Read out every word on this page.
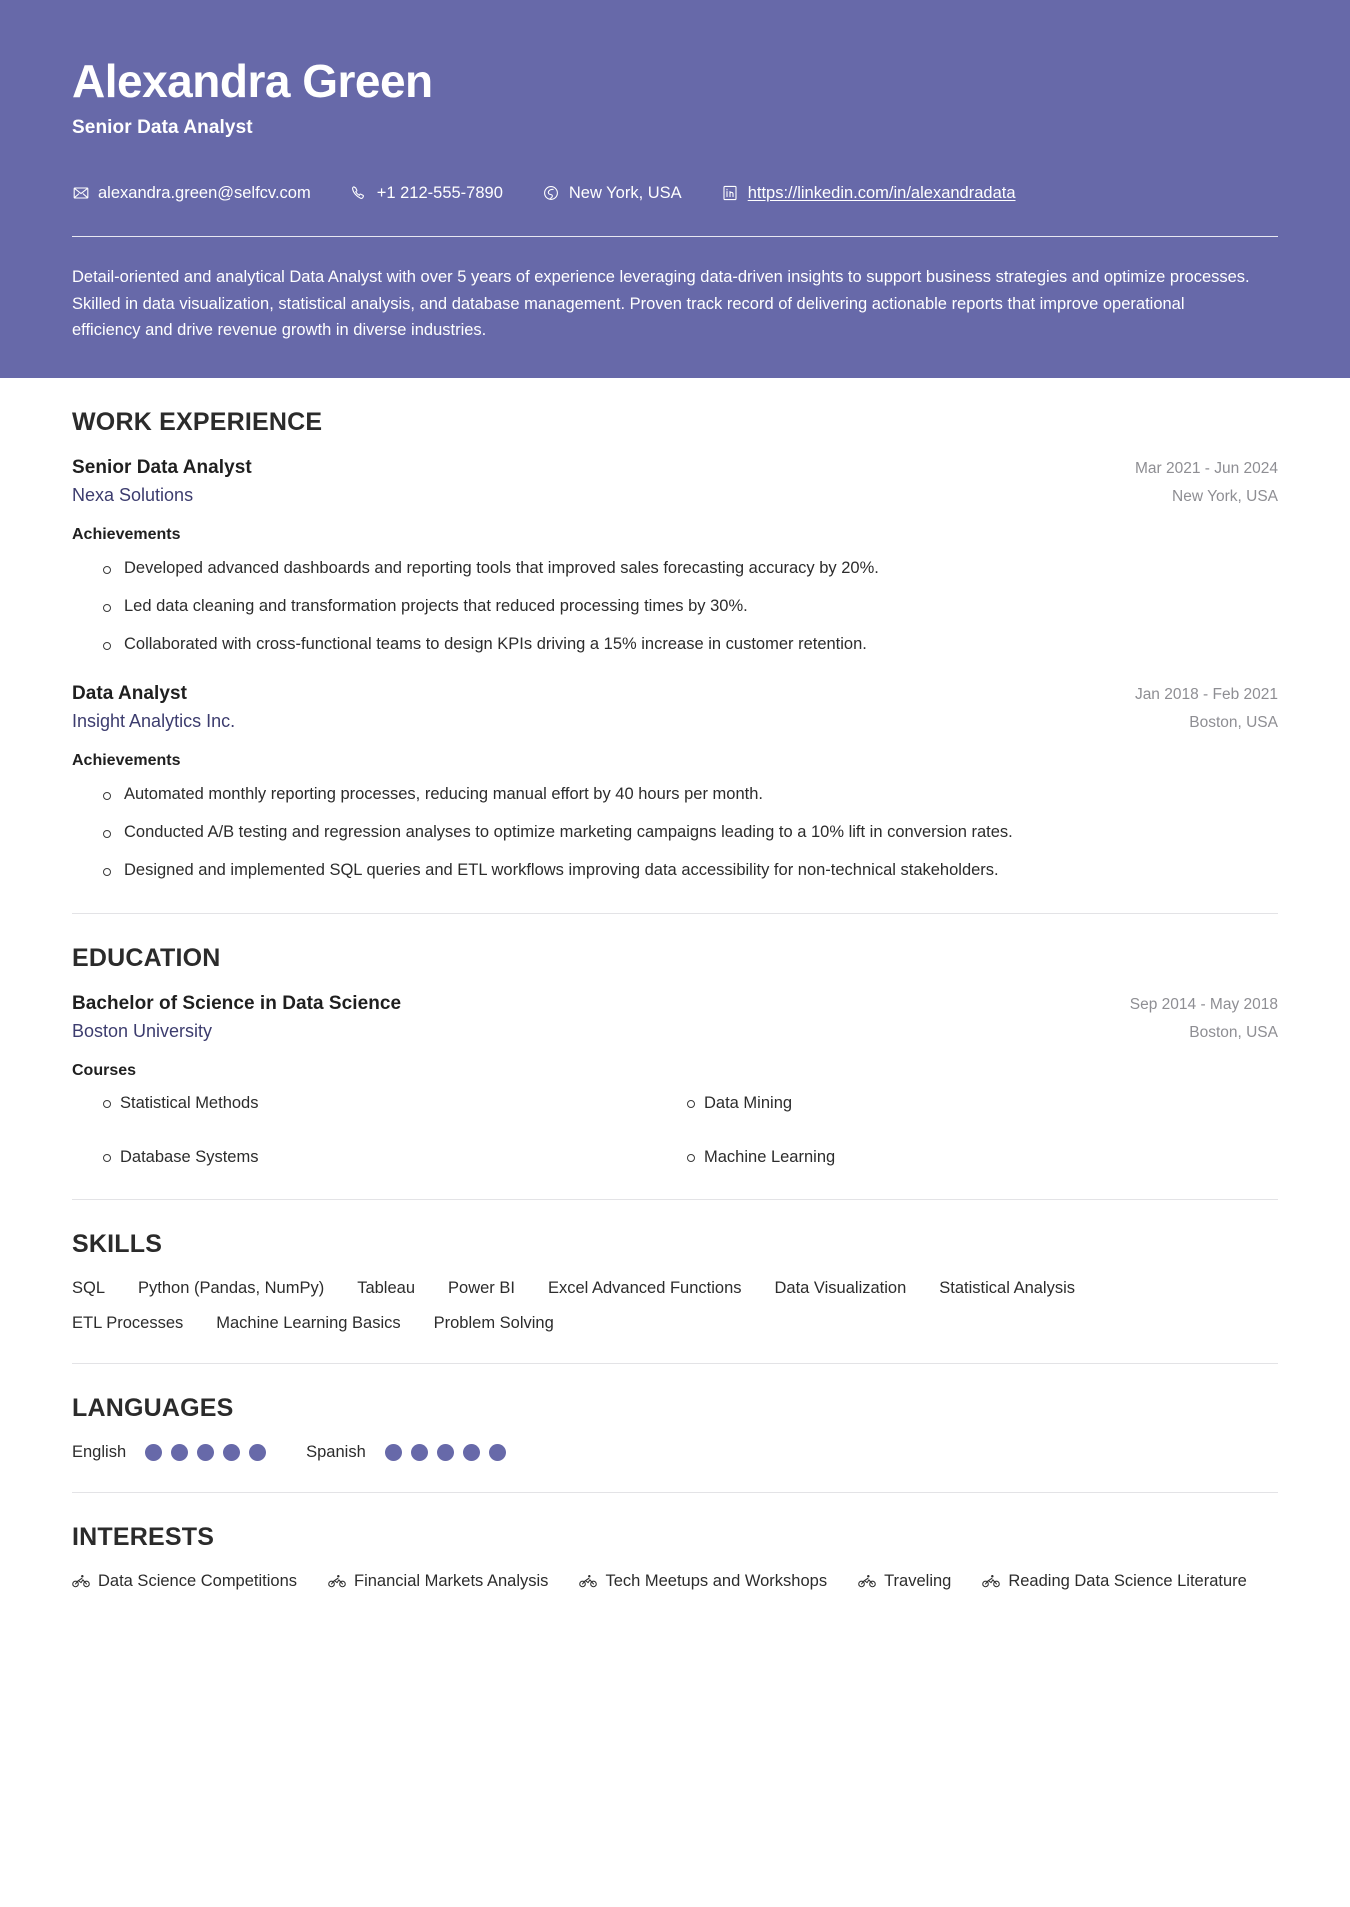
Alexandra Green
Senior Data Analyst
alexandra.green@selfcv.com	+1 212-555-7890	New York, USA	https://linkedin.com/in/alexandradata

Detail-oriented and analytical Data Analyst with over 5 years of experience leveraging data-driven insights to support business strategies and optimize processes. Skilled in data visualization, statistical analysis, and database management. Proven track record of delivering actionable reports that improve operational efficiency and drive revenue growth in diverse industries.

WORK EXPERIENCE
Senior Data Analyst	Mar 2021 - Jun 2024
Nexa Solutions	New York, USA
Achievements
Developed advanced dashboards and reporting tools that improved sales forecasting accuracy by 20%.
Led data cleaning and transformation projects that reduced processing times by 30%.
Collaborated with cross-functional teams to design KPIs driving a 15% increase in customer retention.
Data Analyst	Jan 2018 - Feb 2021
Insight Analytics Inc.	Boston, USA
Achievements
Automated monthly reporting processes, reducing manual effort by 40 hours per month.
Conducted A/B testing and regression analyses to optimize marketing campaigns leading to a 10% lift in conversion rates.
Designed and implemented SQL queries and ETL workflows improving data accessibility for non-technical stakeholders.
EDUCATION
Bachelor of Science in Data Science	Sep 2014 - May 2018
Boston University	Boston, USA
Courses
Statistical Methods	Data Mining
Database Systems	Machine Learning
SKILLS
SQL Python (Pandas, NumPy) Tableau Power BI Excel Advanced Functions Data Visualization Statistical Analysis
ETL Processes Machine Learning Basics Problem Solving
LANGUAGES
English	Spanish
INTERESTS
Data Science Competitions	Financial Markets Analysis	Tech Meetups and Workshops	Traveling	Reading Data Science Literature
